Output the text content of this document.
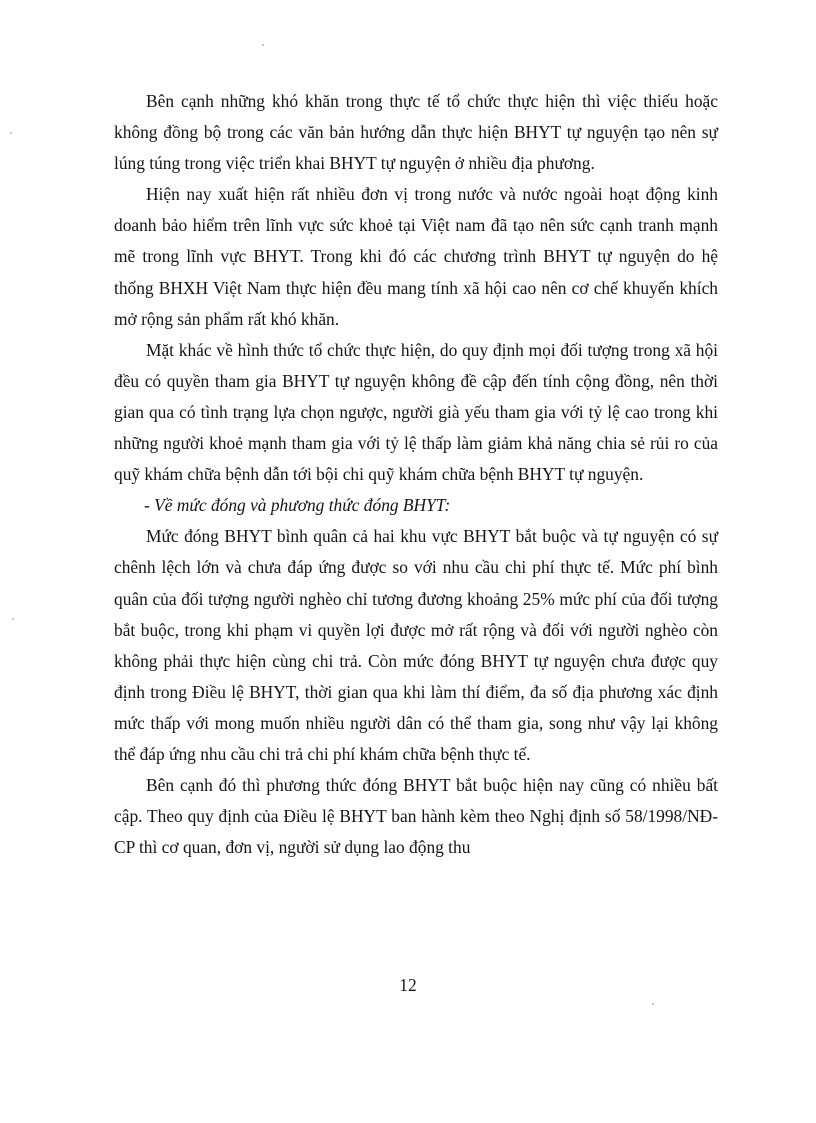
Bên cạnh những khó khăn trong thực tế tổ chức thực hiện thì việc thiếu hoặc không đồng bộ trong các văn bản hướng dẫn thực hiện BHYT tự nguyện tạo nên sự lúng túng trong việc triển khai BHYT tự nguyện ở nhiều địa phương.

Hiện nay xuất hiện rất nhiều đơn vị trong nước và nước ngoài hoạt động kinh doanh bảo hiểm trên lĩnh vực sức khoẻ tại Việt nam đã tạo nên sức cạnh tranh mạnh mẽ trong lĩnh vực BHYT. Trong khi đó các chương trình BHYT tự nguyện do hệ thống BHXH Việt Nam thực hiện đều mang tính xã hội cao nên cơ chế khuyến khích mở rộng sản phẩm rất khó khăn.

Mặt khác về hình thức tổ chức thực hiện, do quy định mọi đối tượng trong xã hội đều có quyền tham gia BHYT tự nguyện không đề cập đến tính cộng đồng, nên thời gian qua có tình trạng lựa chọn ngược, người già yếu tham gia với tỷ lệ cao trong khi những người khoẻ mạnh tham gia với tỷ lệ thấp làm giảm khả năng chia sẻ rủi ro của quỹ khám chữa bệnh dẫn tới bội chi quỹ khám chữa bệnh BHYT tự nguyện.

- Về mức đóng và phương thức đóng BHYT:

Mức đóng BHYT bình quân cả hai khu vực BHYT bắt buộc và tự nguyện có sự chênh lệch lớn và chưa đáp ứng được so với nhu cầu chi phí thực tế. Mức phí bình quân của đối tượng người nghèo chỉ tương đương khoảng 25% mức phí của đối tượng bắt buộc, trong khi phạm vi quyền lợi được mở rất rộng và đối với người nghèo còn không phải thực hiện cùng chi trả. Còn mức đóng BHYT tự nguyện chưa được quy định trong Điều lệ BHYT, thời gian qua khi làm thí điểm, đa số địa phương xác định mức thấp với mong muốn nhiều người dân có thể tham gia, song như vậy lại không thể đáp ứng nhu cầu chi trả chi phí khám chữa bệnh thực tế.

Bên cạnh đó thì phương thức đóng BHYT bắt buộc hiện nay cũng có nhiều bất cập. Theo quy định của Điều lệ BHYT ban hành kèm theo Nghị định số 58/1998/NĐ-CP thì cơ quan, đơn vị, người sử dụng lao động thu

12
